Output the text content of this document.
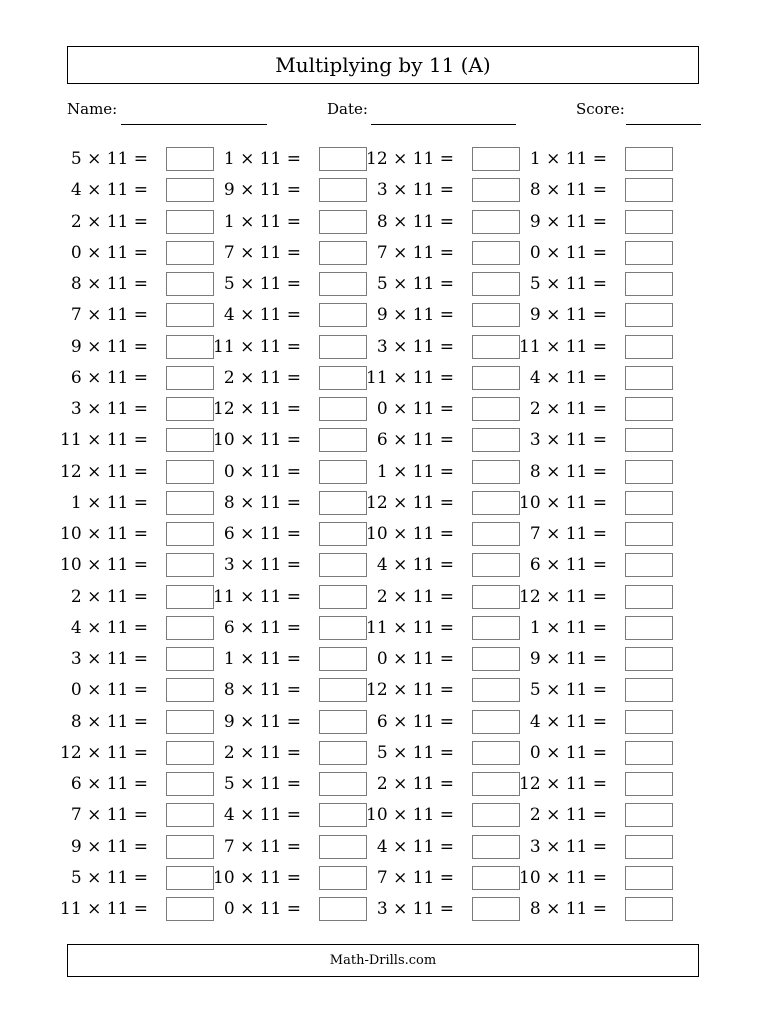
Multiplying by 11 (A)
Name:	Date:	Score:
5 × 11 =
4 × 11 =
2 × 11 =
0 × 11 =
8 × 11 =
7 × 11 =
9 × 11 =
6 × 11 =
3 × 11 =
11 × 11 =
12 × 11 =
1 × 11 =
10 × 11 =
10 × 11 =
2 × 11 =
4 × 11 =
3 × 11 =
0 × 11 =
8 × 11 =
12 × 11 =
6 × 11 =
7 × 11 =
9 × 11 =
5 × 11 =
11 × 11 =
1 × 11 =
9 × 11 =
1 × 11 =
7 × 11 =
5 × 11 =
4 × 11 =
11 × 11 =
2 × 11 =
12 × 11 =
10 × 11 =
0 × 11 =
8 × 11 =
6 × 11 =
3 × 11 =
11 × 11 =
6 × 11 =
1 × 11 =
8 × 11 =
9 × 11 =
2 × 11 =
5 × 11 =
4 × 11 =
7 × 11 =
10 × 11 =
0 × 11 =
12 × 11 =
3 × 11 =
8 × 11 =
7 × 11 =
5 × 11 =
9 × 11 =
3 × 11 =
11 × 11 =
0 × 11 =
6 × 11 =
1 × 11 =
12 × 11 =
10 × 11 =
4 × 11 =
2 × 11 =
11 × 11 =
0 × 11 =
12 × 11 =
6 × 11 =
5 × 11 =
2 × 11 =
10 × 11 =
4 × 11 =
7 × 11 =
3 × 11 =
1 × 11 =
8 × 11 =
9 × 11 =
0 × 11 =
5 × 11 =
9 × 11 =
11 × 11 =
4 × 11 =
2 × 11 =
3 × 11 =
8 × 11 =
10 × 11 =
7 × 11 =
6 × 11 =
12 × 11 =
1 × 11 =
9 × 11 =
5 × 11 =
4 × 11 =
0 × 11 =
12 × 11 =
2 × 11 =
3 × 11 =
10 × 11 =
8 × 11 =
Math-Drills.com
